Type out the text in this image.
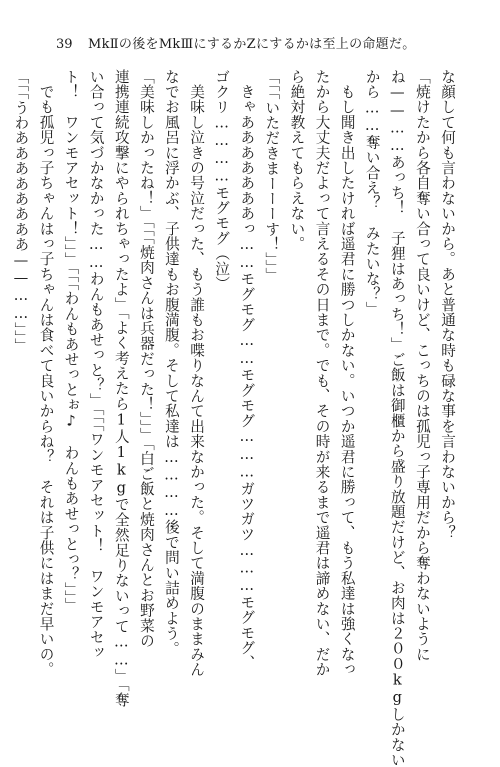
39 MkⅡの後をMkⅢにするかZにするかは至上の命題だ。

な顔して何も言わないから。あと普通な時も碌な事を言わないから？

「焼けたから各自奪い合って良いけど、こっちのは孤児っ子専用だから奪わないように

ね——……あっち！　子狸はあっち！」ご飯は御櫃から盛り放題だけど、お肉は２００kgしかない

から……奪い合え？　みたいな？」

　もし聞き出したければ遥君に勝つしかない。いつか遥君に勝って、もう私達は強くなっ

たから大丈夫だよって言えるその日まで。でも、その時が来るまで遥君は諦めない、だか

ら絶対教えてもらえない。

「「「いただきまーーーす！」」」

　きゃあああああああっ……モグモグ……モグモグ………ガツガツ………モグモグ、

ゴクリ…………モグモグ（泣）

　美味し泣きの号泣だった、もう誰もお喋りなんて出来なかった。そして満腹のままみん

なでお風呂に浮かぶ、子供達もお腹満腹。そして私達は…………後で問い詰めよう。

「美味しかったね！」「「「焼肉さんは兵器だった！」」」「白ご飯と焼肉さんとお野菜の

連携連続攻撃にやられちゃったよ」「よく考えたら1人1kgで全然足りないって……」「奪

い合って気づかなかった……わんもあせっと？」「「「ワンモアセット！　ワンモアセッ

ト！　ワンモアセット！」」」「「「わんもあせっとぉ♪　わんもあせっとっ？」」」

　でも孤児っ子ちゃんはっ子ちゃんは食べて良いからね？　それは子供にはまだ早いの。

「「「うわああああああああ——……」」」
